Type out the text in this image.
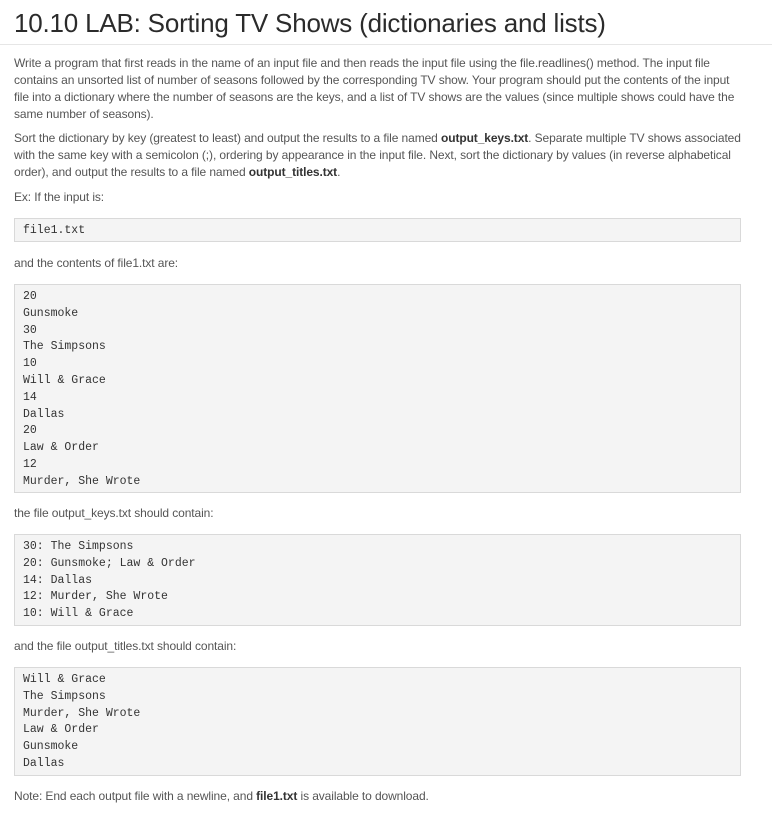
10.10 LAB: Sorting TV Shows (dictionaries and lists)

Write a program that first reads in the name of an input file and then reads the input file using the file.readlines() method. The input file contains an unsorted list of number of seasons followed by the corresponding TV show. Your program should put the contents of the input file into a dictionary where the number of seasons are the keys, and a list of TV shows are the values (since multiple shows could have the same number of seasons).

Sort the dictionary by key (greatest to least) and output the results to a file named output_keys.txt. Separate multiple TV shows associated with the same key with a semicolon (;), ordering by appearance in the input file. Next, sort the dictionary by values (in reverse alphabetical order), and output the results to a file named output_titles.txt.

Ex: If the input is:

file1.txt

and the contents of file1.txt are:

20
Gunsmoke
30
The Simpsons
10
Will & Grace
14
Dallas
20
Law & Order
12
Murder, She Wrote

the file output_keys.txt should contain:

30: The Simpsons
20: Gunsmoke; Law & Order
14: Dallas
12: Murder, She Wrote
10: Will & Grace

and the file output_titles.txt should contain:

Will & Grace
The Simpsons
Murder, She Wrote
Law & Order
Gunsmoke
Dallas

Note: End each output file with a newline, and file1.txt is available to download.
